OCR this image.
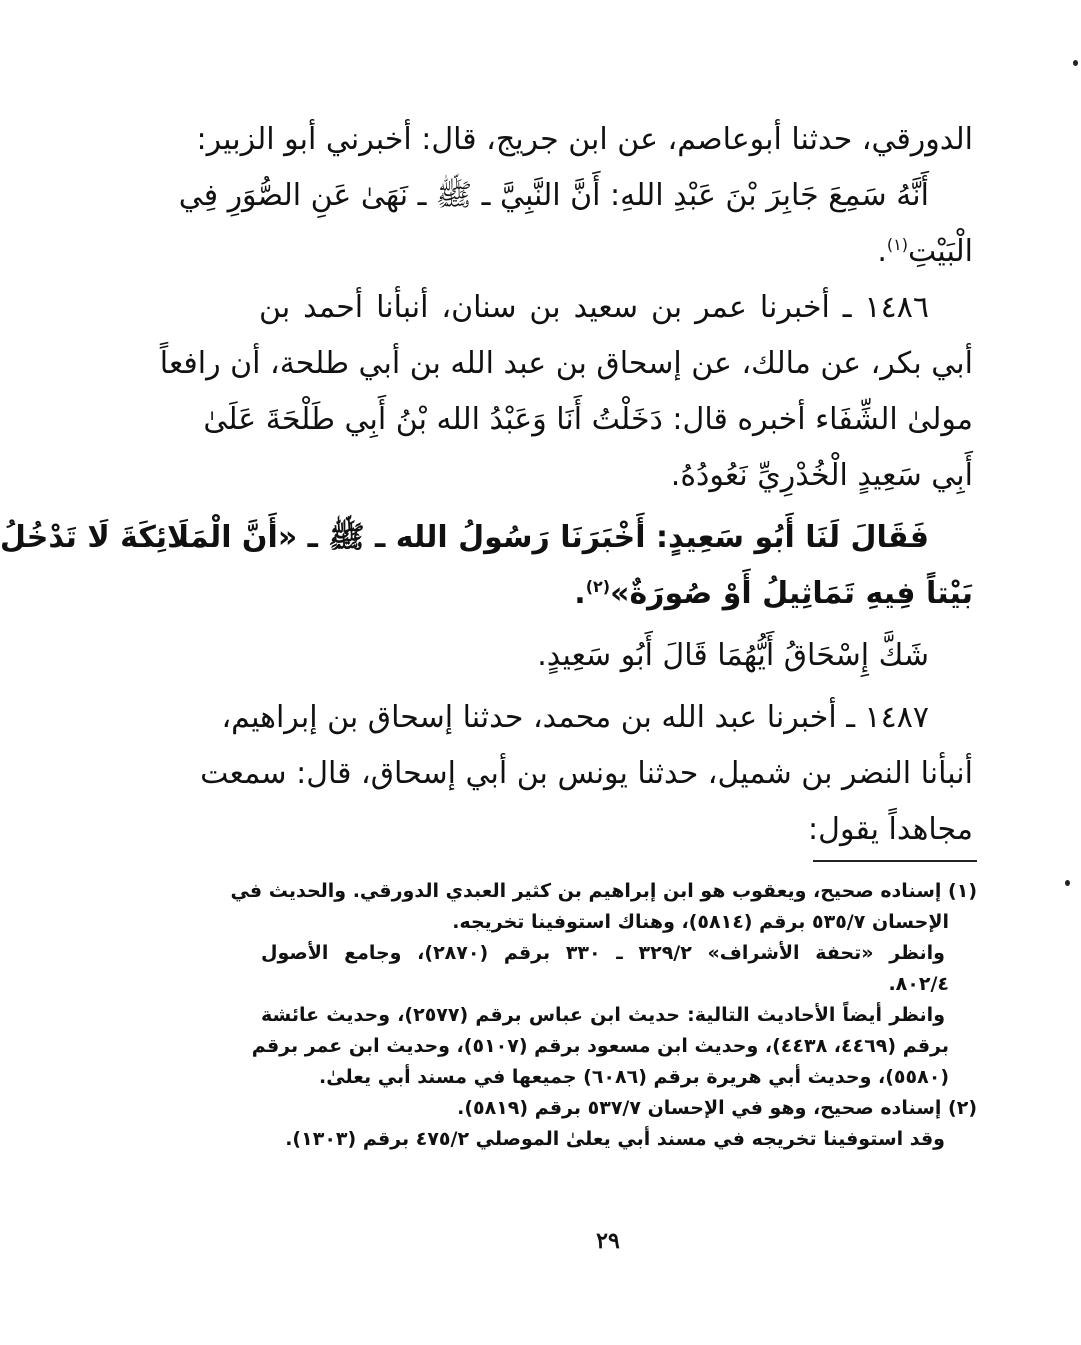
الدورقي، حدثنا أبوعاصم، عن ابن جريج، قال: أخبرني أبو الزبير:
أَنَّهُ سَمِعَ جَابِرَ بْنَ عَبْدِ اللهِ: أَنَّ النَّبِيَّ ـ ﷺ ـ نَهَىٰ عَنِ الصُّوَرِ فِي
الْبَيْتِ$^{(١)}$.
١٤٨٦ ـ أخبرنا عمر بن سعيد بن سنان، أنبأنا أحمد بن
أبي بكر، عن مالك، عن إسحاق بن عبد الله بن أبي طلحة، أن رافعاً
مولىٰ الشِّفَاء أخبره قال: دَخَلْتُ أَنَا وَعَبْدُ الله بْنُ أَبِي طَلْحَةَ عَلَىٰ
أَبِي سَعِيدٍ الْخُدْرِيِّ نَعُودُهُ.
فَقَالَ لَنَا أَبُو سَعِيدٍ: أَخْبَرَنَا رَسُولُ الله ـ ﷺ ـ «أَنَّ الْمَلَائِكَةَ لَا تَدْخُلُ
بَيْتاً فِيهِ تَمَاثِيلُ أَوْ صُورَةٌ»$^{(٢)}$.
شَكَّ إِسْحَاقُ أَيُّهُمَا قَالَ أَبُو سَعِيدٍ.
١٤٨٧ ـ أخبرنا عبد الله بن محمد، حدثنا إسحاق بن إبراهيم،
أنبأنا النضر بن شميل، حدثنا يونس بن أبي إسحاق، قال: سمعت
مجاهداً يقول:
(١) إسناده صحيح، ويعقوب هو ابن إبراهيم بن كثير العبدي الدورقي. والحديث في
الإحسان ٥٣٥/٧ برقم (٥٨١٤)، وهناك استوفينا تخريجه.
وانظر «تحفة الأشراف» ٣٢٩/٢ ـ ٣٣٠ برقم (٢٨٧٠)، وجامع الأصول
٨٠٢/٤.
وانظر أيضاً الأحاديث التالية: حديث ابن عباس برقم (٢٥٧٧)، وحديث عائشة
برقم (٤٤٦٩، ٤٤٣٨)، وحديث ابن مسعود برقم (٥١٠٧)، وحديث ابن عمر برقم
(٥٥٨٠)، وحديث أبي هريرة برقم (٦٠٨٦) جميعها في مسند أبي يعلىٰ.
(٢) إسناده صحيح، وهو في الإحسان ٥٣٧/٧ برقم (٥٨١٩).
وقد استوفينا تخريجه في مسند أبي يعلىٰ الموصلي ٤٧٥/٢ برقم (١٣٠٣).
٢٩
